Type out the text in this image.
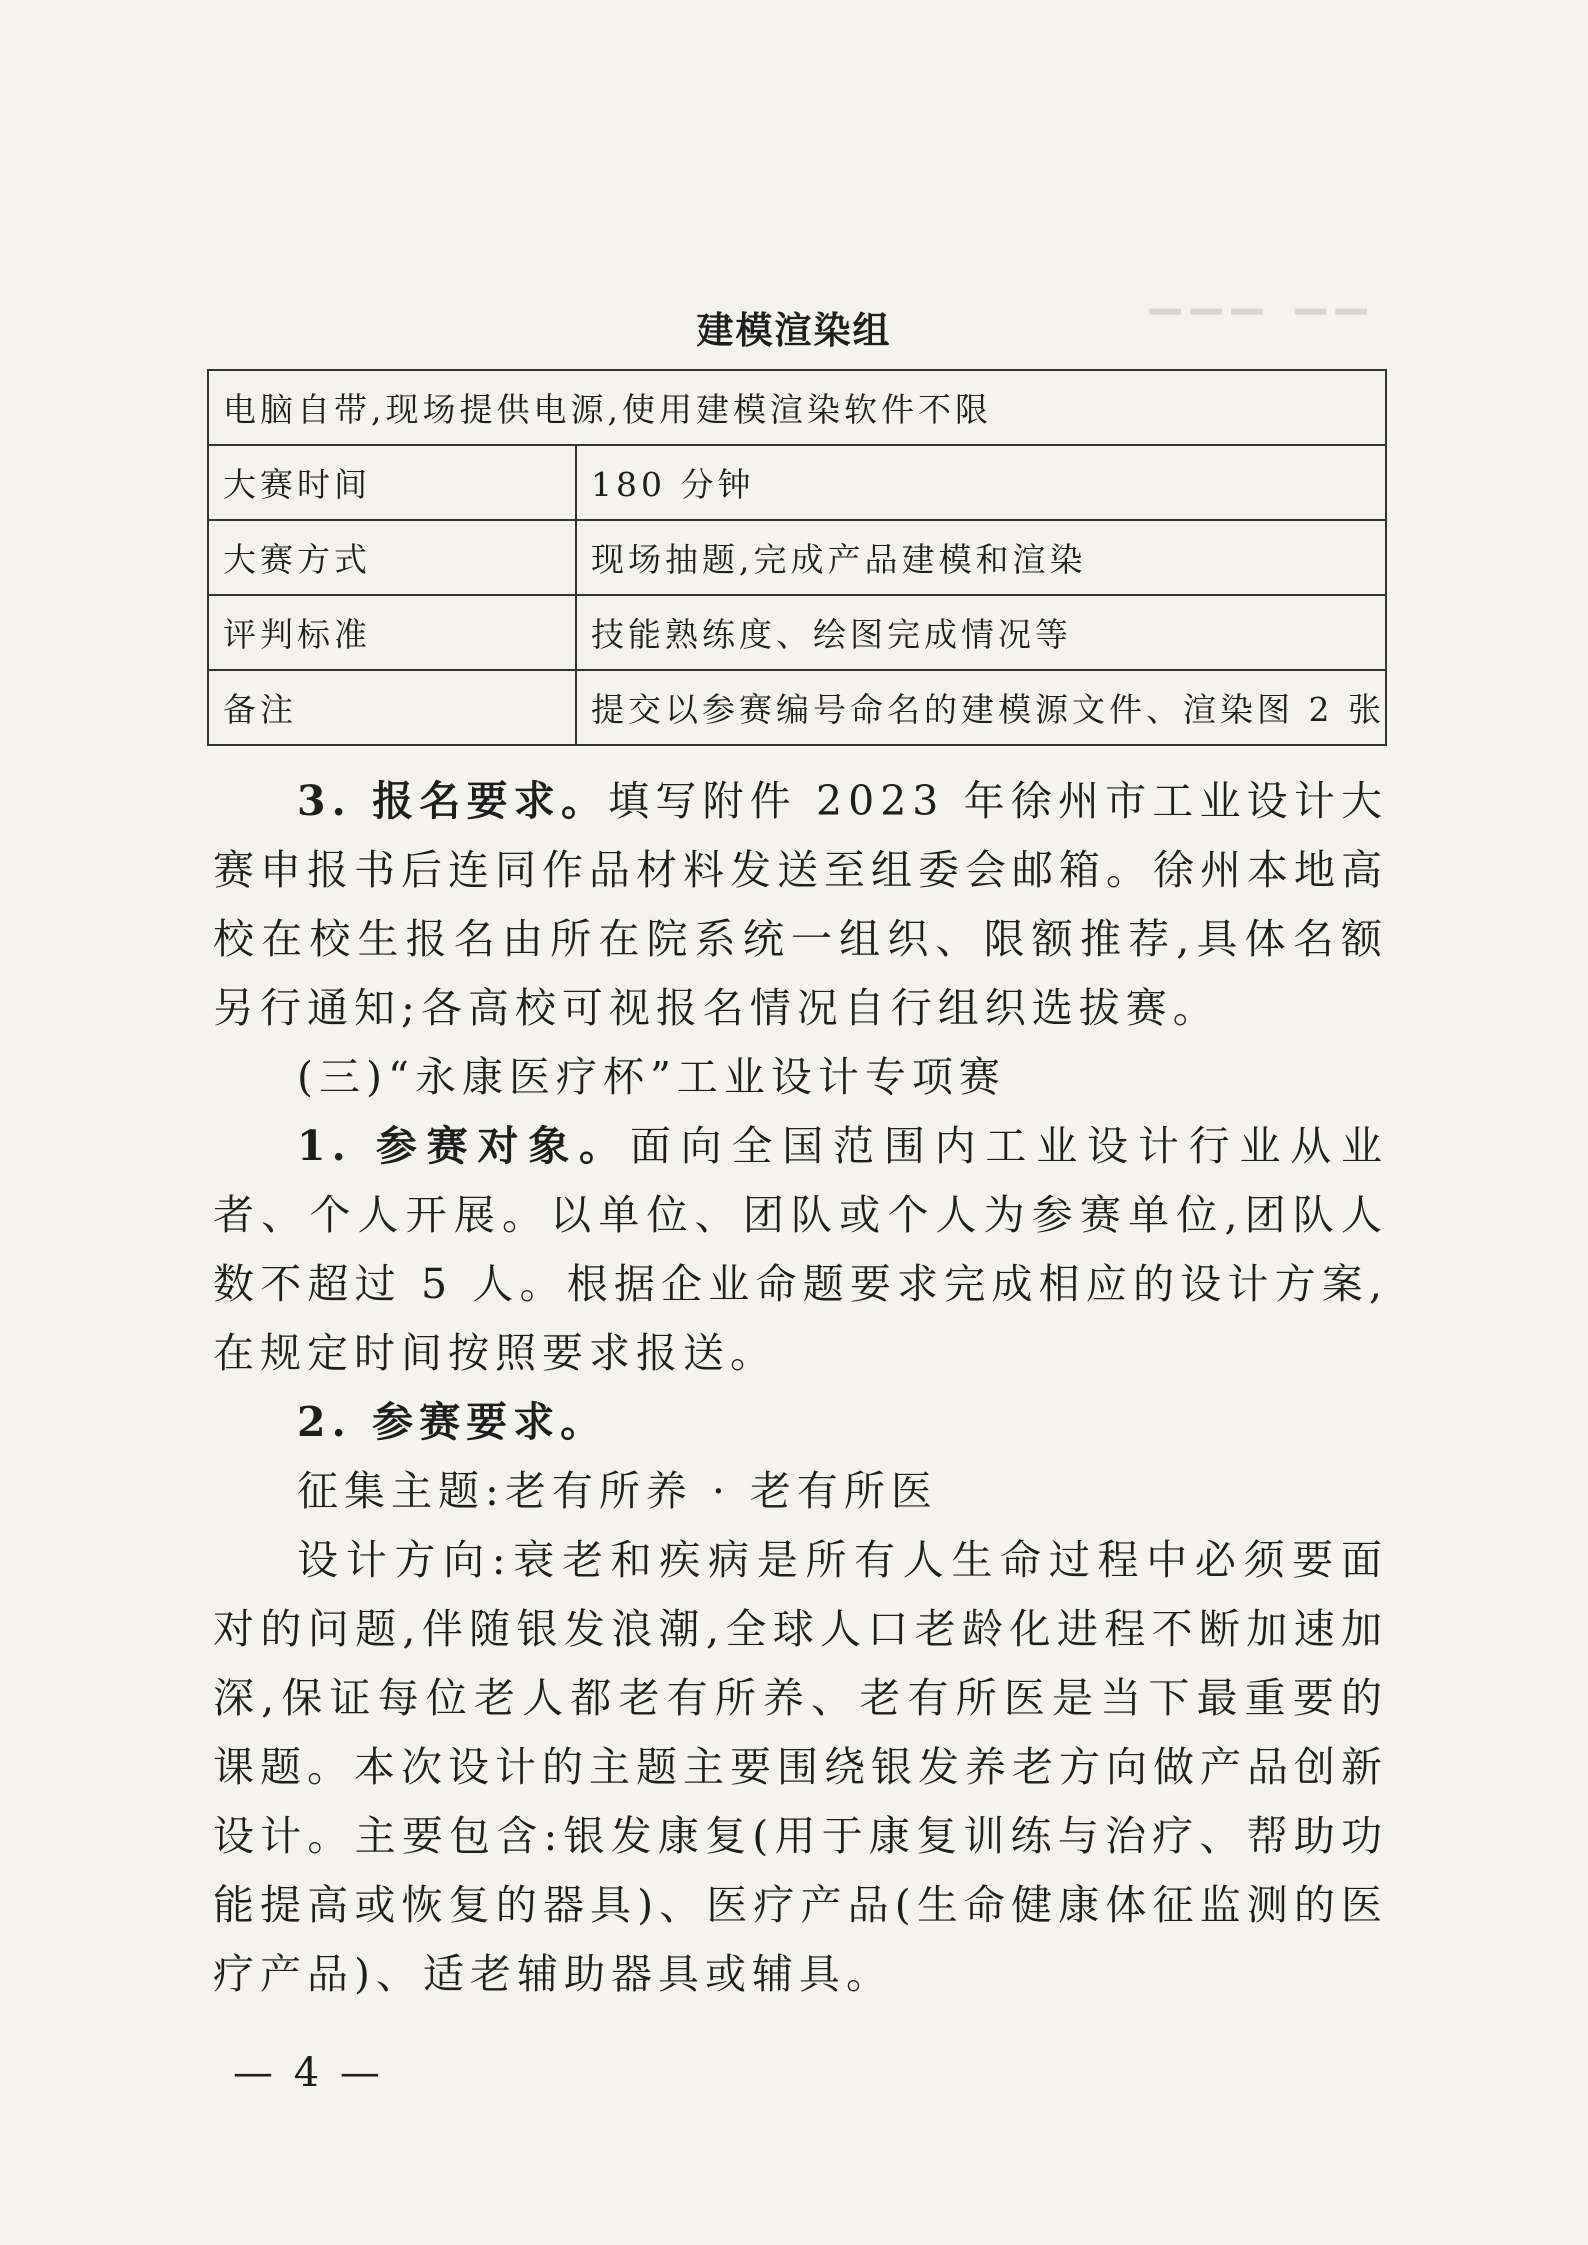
▔▔▔ ▔▔
建模渲染组
电脑自带,现场提供电源,使用建模渲染软件不限	
大赛时间	180 分钟
大赛方式	现场抽题,完成产品建模和渲染
评判标准	技能熟练度、绘图完成情况等
备注	提交以参赛编号命名的建模源文件、渲染图 2 张
3. 报名要求。填写附件 2023 年徐州市工业设计大赛申报书后连同作品材料发送至组委会邮箱。徐州本地高校在校生报名由所在院系统一组织、限额推荐,具体名额另行通知;各高校可视报名情况自行组织选拔赛。
(三)“永康医疗杯”工业设计专项赛
1. 参赛对象。面向全国范围内工业设计行业从业者、个人开展。以单位、团队或个人为参赛单位,团队人数不超过 5 人。根据企业命题要求完成相应的设计方案,在规定时间按照要求报送。
2. 参赛要求。
征集主题:老有所养 · 老有所医
设计方向:衰老和疾病是所有人生命过程中必须要面对的问题,伴随银发浪潮,全球人口老龄化进程不断加速加深,保证每位老人都老有所养、老有所医是当下最重要的课题。本次设计的主题主要围绕银发养老方向做产品创新设计。主要包含:银发康复(用于康复训练与治疗、帮助功能提高或恢复的器具)、医疗产品(生命健康体征监测的医疗产品)、适老辅助器具或辅具。
— 4 —
